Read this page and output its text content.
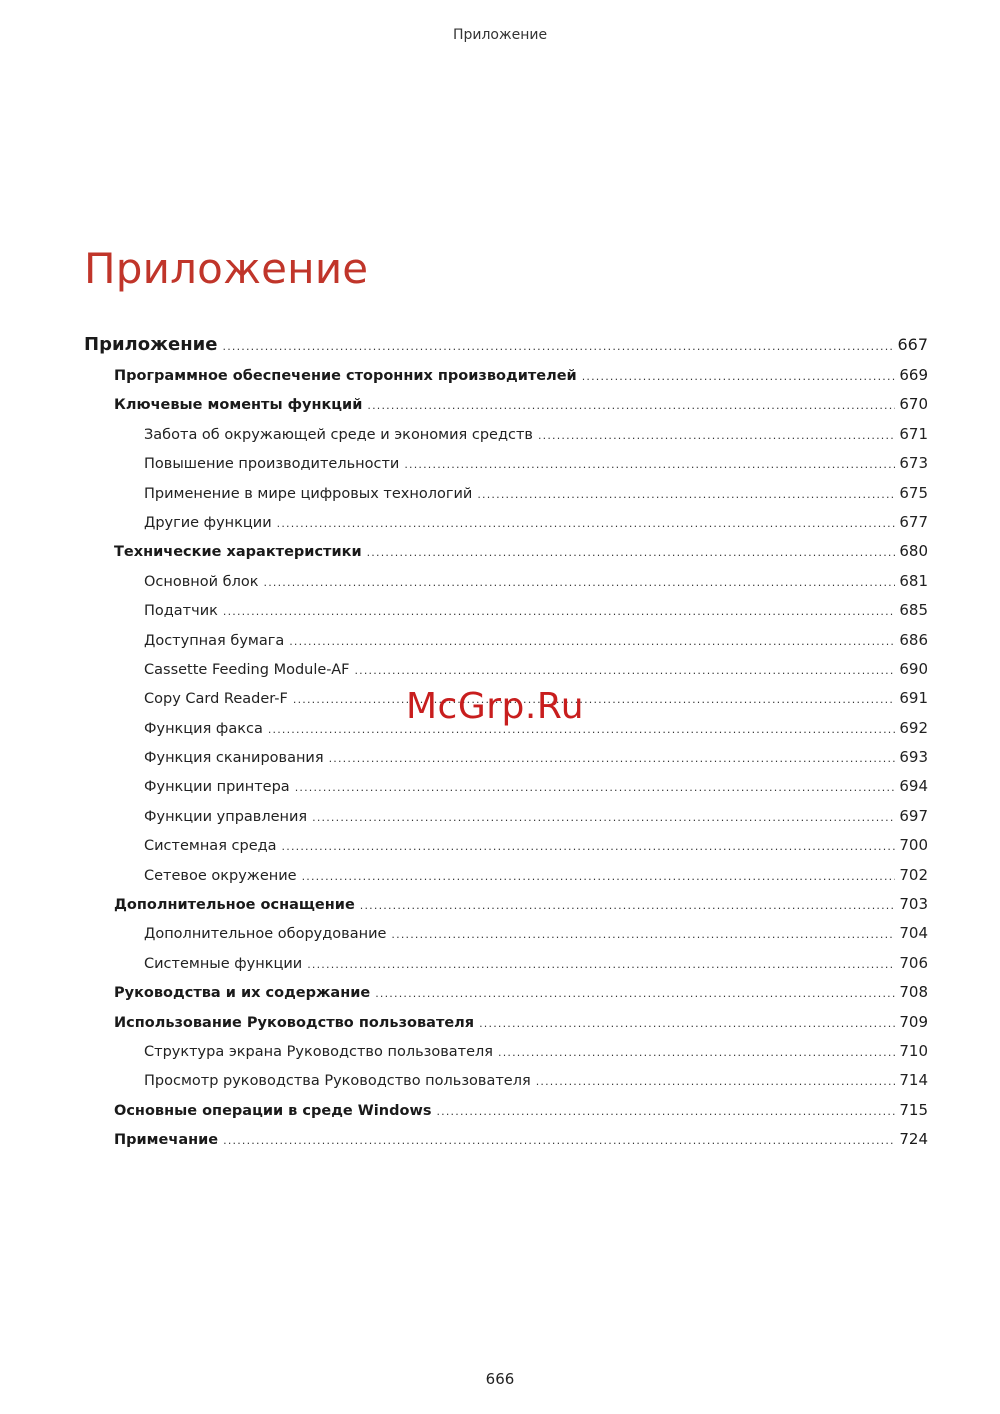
Приложение
Приложение
Приложение .....	667
Программное обеспечение сторонних производителей .....	669
Ключевые моменты функций .....	670
Забота об окружающей среде и экономия средств .....	671
Повышение производительности .....	673
Применение в мире цифровых технологий .....	675
Другие функции .....	677
Технические характеристики .....	680
Основной блок .....	681
Податчик .....	685
Доступная бумага .....	686
Cassette Feeding Module-AF .....	690
Copy Card Reader-F .....	691
Функция факса .....	692
Функция сканирования .....	693
Функции принтера .....	694
Функции управления .....	697
Системная среда .....	700
Сетевое окружение .....	702
Дополнительное оснащение .....	703
Дополнительное оборудование .....	704
Системные функции .....	706
Руководства и их содержание .....	708
Использование Руководство пользователя .....	709
Структура экрана Руководство пользователя .....	710
Просмотр руководства Руководство пользователя .....	714
Основные операции в среде Windows .....	715
Примечание .....	724
McGrp.Ru
666
